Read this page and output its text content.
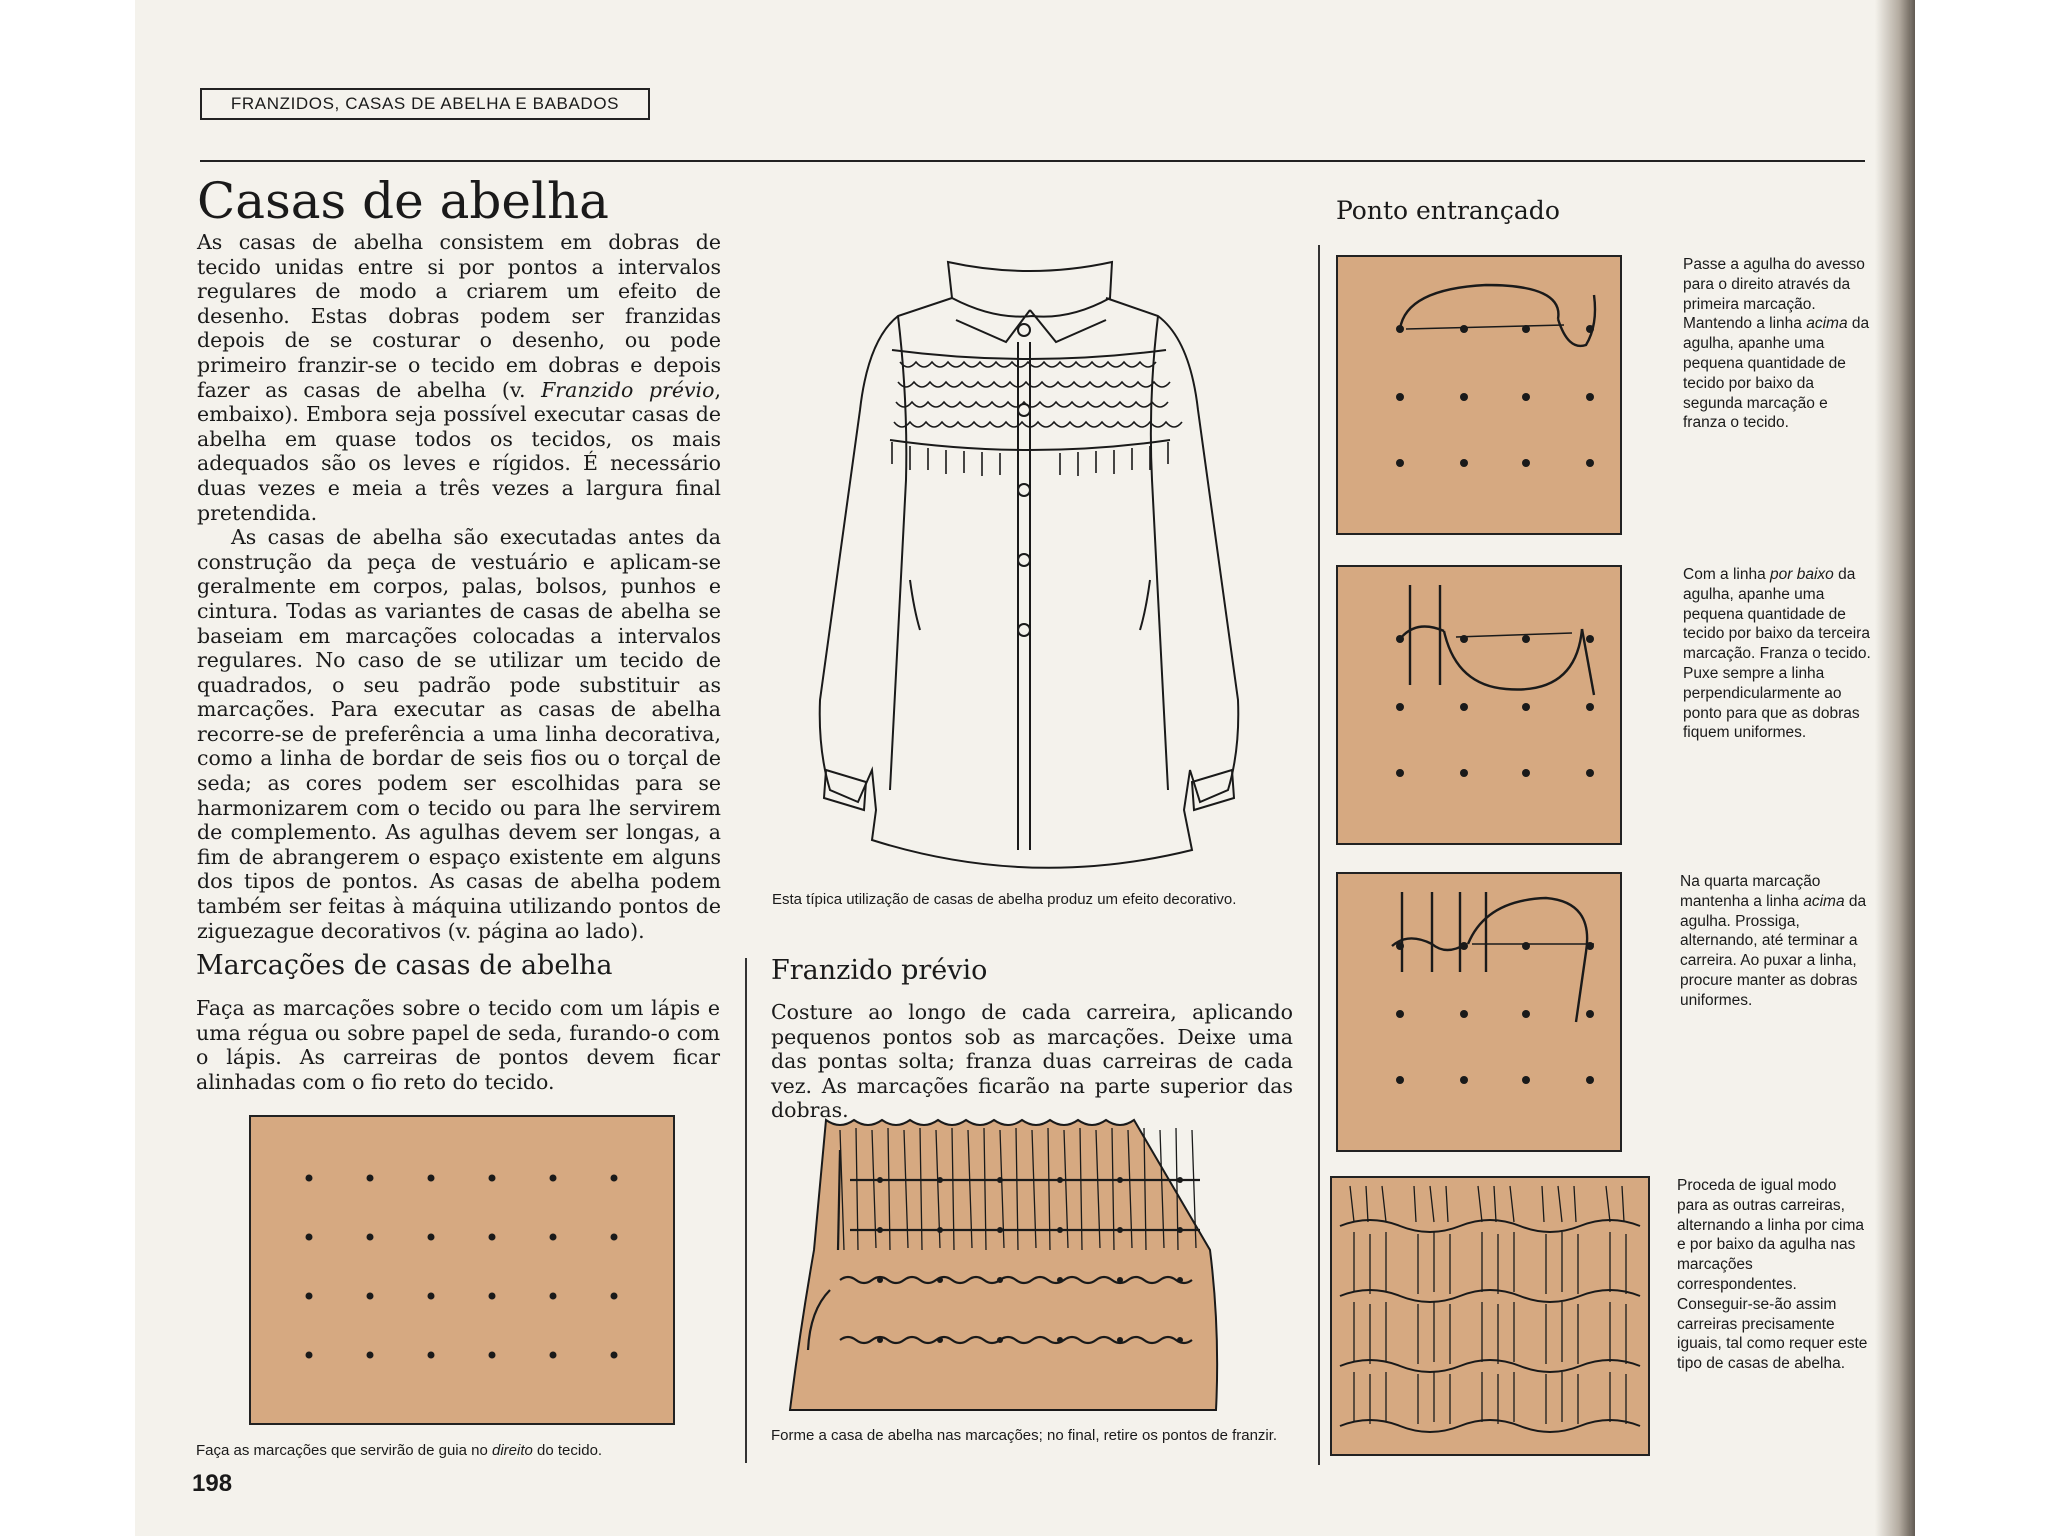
FRANZIDOS, CASAS DE ABELHA E BABADOS
Casas de abelha

As casas de abelha consistem em dobras de tecido unidas entre si por pontos a intervalos regulares de modo a criarem um efeito de desenho. Estas dobras podem ser franzidas depois de se costurar o desenho, ou pode primeiro franzir-se o tecido em dobras e depois fazer as casas de abelha (v. Franzido prévio, embaixo). Embora seja possível executar casas de abelha em quase todos os tecidos, os mais adequados são os leves e rígidos. É necessário duas vezes e meia a três vezes a largura final pretendida.

As casas de abelha são executadas antes da construção da peça de vestuário e aplicam-se geralmente em corpos, palas, bolsos, punhos e cintura. Todas as variantes de casas de abelha se baseiam em marcações colocadas a intervalos regulares. No caso de se utilizar um tecido de quadrados, o seu padrão pode substituir as marcações. Para executar as casas de abelha recorre-se de preferência a uma linha decorativa, como a linha de bordar de seis fios ou o torçal de seda; as cores podem ser escolhidas para se harmonizarem com o tecido ou para lhe servirem de complemento. As agulhas devem ser longas, a fim de abrangerem o espaço existente em alguns dos tipos de pontos. As casas de abelha podem também ser feitas à máquina utilizando pontos de ziguezague decorativos (v. página ao lado).

Marcações de casas de abelha
Faça as marcações sobre o tecido com um lápis e uma régua ou sobre papel de seda, furando-o com o lápis. As carreiras de pontos devem ficar alinhadas com o fio reto do tecido.
Faça as marcações que servirão de guia no direito do tecido.
198
Esta típica utilização de casas de abelha produz um efeito decorativo.
Franzido prévio
Costure ao longo de cada carreira, aplicando pequenos pontos sob as marcações. Deixe uma das pontas solta; franza duas carreiras de cada vez. As marcações ficarão na parte superior das dobras.
Forme a casa de abelha nas marcações; no final, retire os pontos de franzir.
Ponto entrançado
Passe a agulha do avesso para o direito através da primeira marcação. Mantendo a linha acima da agulha, apanhe uma pequena quantidade de tecido por baixo da segunda marcação e franza o tecido.
Com a linha por baixo da agulha, apanhe uma pequena quantidade de tecido por baixo da terceira marcação. Franza o tecido. Puxe sempre a linha perpendicularmente ao ponto para que as dobras fiquem uniformes.
Na quarta marcação mantenha a linha acima da agulha. Prossiga, alternando, até terminar a carreira. Ao puxar a linha, procure manter as dobras uniformes.
Proceda de igual modo para as outras carreiras, alternando a linha por cima e por baixo da agulha nas marcações correspondentes. Conseguir-se-ão assim carreiras precisamente iguais, tal como requer este tipo de casas de abelha.
